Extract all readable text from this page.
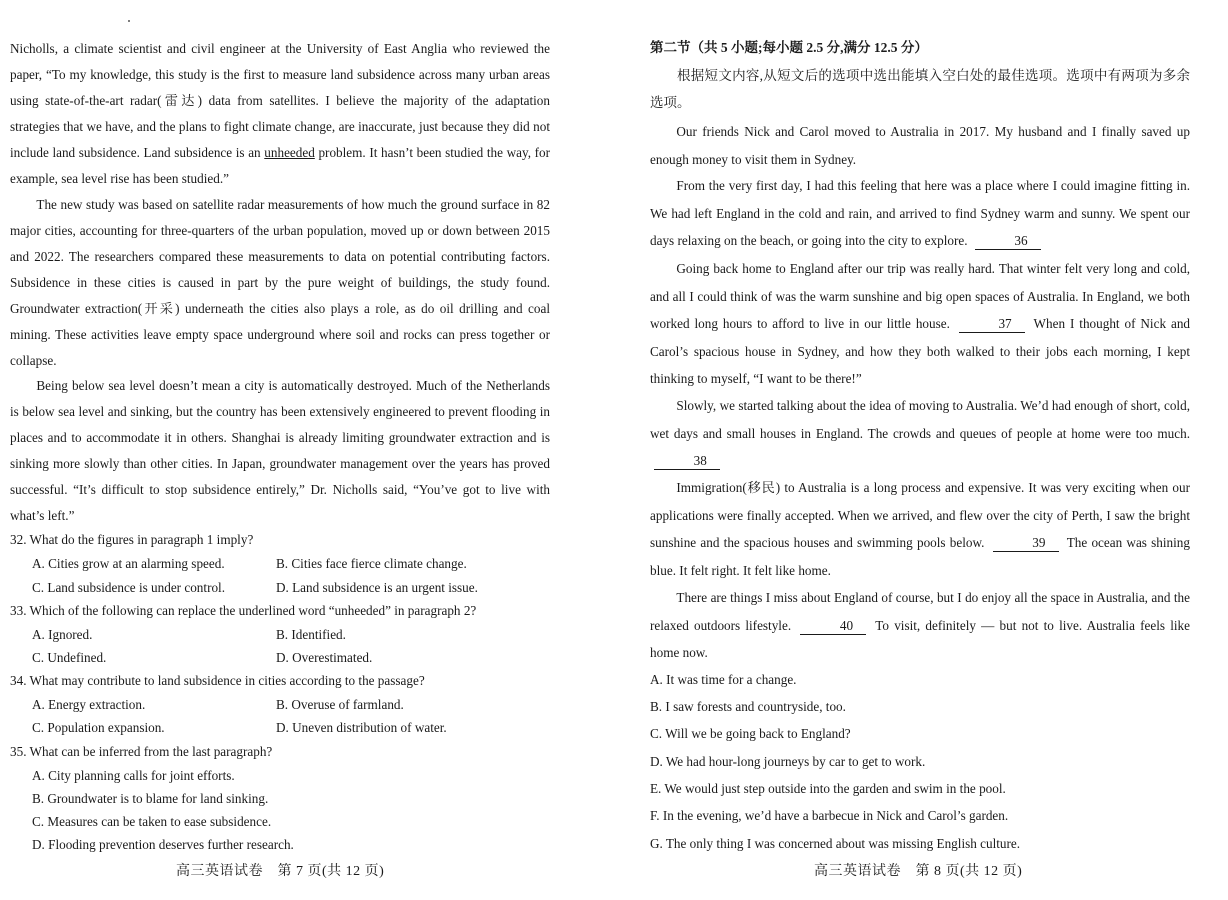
Nicholls, a climate scientist and civil engineer at the University of East Anglia who reviewed the paper, “To my knowledge, this study is the first to measure land subsidence across many urban areas using state-of-the-art radar(雷达) data from satellites. I believe the majority of the adaptation strategies that we have, and the plans to fight climate change, are inaccurate, just because they did not include land subsidence. Land subsidence is an unheeded problem. It hasn’t been studied the way, for example, sea level rise has been studied.”
The new study was based on satellite radar measurements of how much the ground surface in 82 major cities, accounting for three-quarters of the urban population, moved up or down between 2015 and 2022. The researchers compared these measurements to data on potential contributing factors. Subsidence in these cities is caused in part by the pure weight of buildings, the study found. Groundwater extraction(开采) underneath the cities also plays a role, as do oil drilling and coal mining. These activities leave empty space underground where soil and rocks can press together or collapse.
Being below sea level doesn’t mean a city is automatically destroyed. Much of the Netherlands is below sea level and sinking, but the country has been extensively engineered to prevent flooding in places and to accommodate it in others. Shanghai is already limiting groundwater extraction and is sinking more slowly than other cities. In Japan, groundwater management over the years has proved successful. “It’s difficult to stop subsidence entirely,” Dr. Nicholls said, “You’ve got to live with what’s left.”
32. What do the figures in paragraph 1 imply?
A. Cities grow at an alarming speed.	B. Cities face fierce climate change.
C. Land subsidence is under control.	D. Land subsidence is an urgent issue.
33. Which of the following can replace the underlined word “unheeded” in paragraph 2?
A. Ignored.	B. Identified.
C. Undefined.	D. Overestimated.
34. What may contribute to land subsidence in cities according to the passage?
A. Energy extraction.	B. Overuse of farmland.
C. Population expansion.	D. Uneven distribution of water.
35. What can be inferred from the last paragraph?
A. City planning calls for joint efforts.
B. Groundwater is to blame for land sinking.
C. Measures can be taken to ease subsidence.
D. Flooding prevention deserves further research.
高三英语试卷　第 7 页(共 12 页)
第二节（共 5 小题;每小题 2.5 分,满分 12.5 分）
根据短文内容,从短文后的选项中选出能填入空白处的最佳选项。选项中有两项为多余选项。
Our friends Nick and Carol moved to Australia in 2017. My husband and I finally saved up enough money to visit them in Sydney.
From the very first day, I had this feeling that here was a place where I could imagine fitting in. We had left England in the cold and rain, and arrived to find Sydney warm and sunny. We spent our days relaxing on the beach, or going into the city to explore.	36
Going back home to England after our trip was really hard. That winter felt very long and cold, and all I could think of was the warm sunshine and big open spaces of Australia. In England, we both worked long hours to afford to live in our little house.	37 When I thought of Nick and Carol’s spacious house in Sydney, and how they both walked to their jobs each morning, I kept thinking to myself, “I want to be there!”
Slowly, we started talking about the idea of moving to Australia. We’d had enough of short, cold, wet days and small houses in England. The crowds and queues of people at home were too much. 38
Immigration(移民) to Australia is a long process and expensive. It was very exciting when our applications were finally accepted. When we arrived, and flew over the city of Perth, I saw the bright sunshine and the spacious houses and swimming pools below.	39 The ocean was shining blue. It felt right. It felt like home.
There are things I miss about England of course, but I do enjoy all the space in Australia, and the relaxed outdoors lifestyle.	40 To visit, definitely — but not to live. Australia feels like home now.
A. It was time for a change.
B. I saw forests and countryside, too.
C. Will we be going back to England?
D. We had hour-long journeys by car to get to work.
E. We would just step outside into the garden and swim in the pool.
F. In the evening, we’d have a barbecue in Nick and Carol’s garden.
G. The only thing I was concerned about was missing English culture.
高三英语试卷　第 8 页(共 12 页)
